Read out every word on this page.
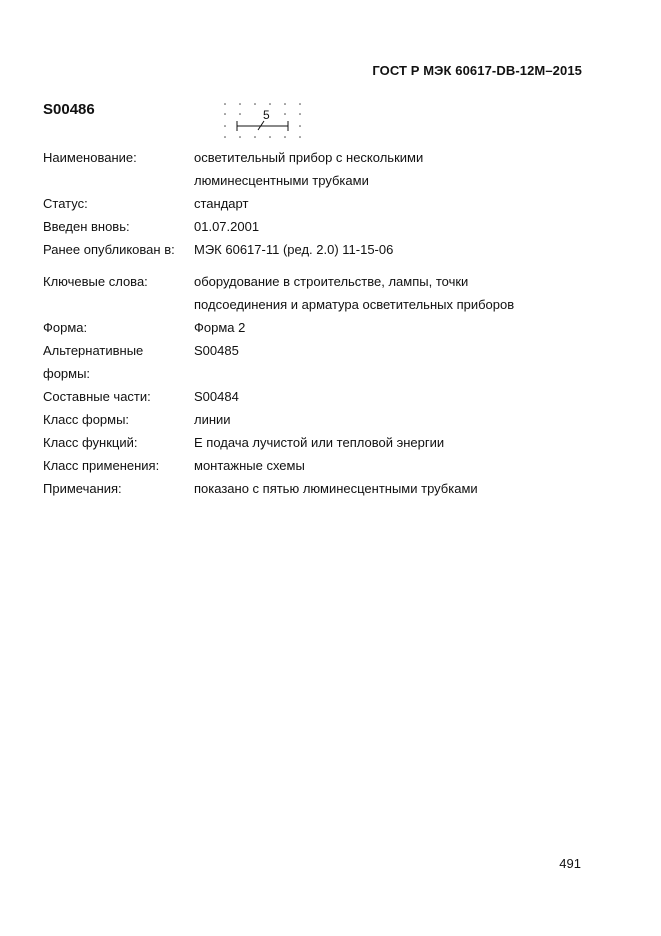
ГОСТ Р МЭК 60617-DB-12M–2015
S00486	5
Наименование:	осветительный прибор с несколькими
люминесцентными трубками
Статус:	стандарт
Введен вновь:	01.07.2001
Ранее опубликован в:	МЭК 60617-11 (ред. 2.0) 11-15-06
Ключевые слова:	оборудование в строительстве, лампы, точки
подсоединения и арматура осветительных приборов
Форма:	Форма 2
Альтернативные	S00485
формы:
Составные части:	S00484
Класс формы:	линии
Класс функций:	Е подача лучистой или тепловой энергии
Класс применения:	монтажные схемы
Примечания:	показано с пятью люминесцентными трубками
491
